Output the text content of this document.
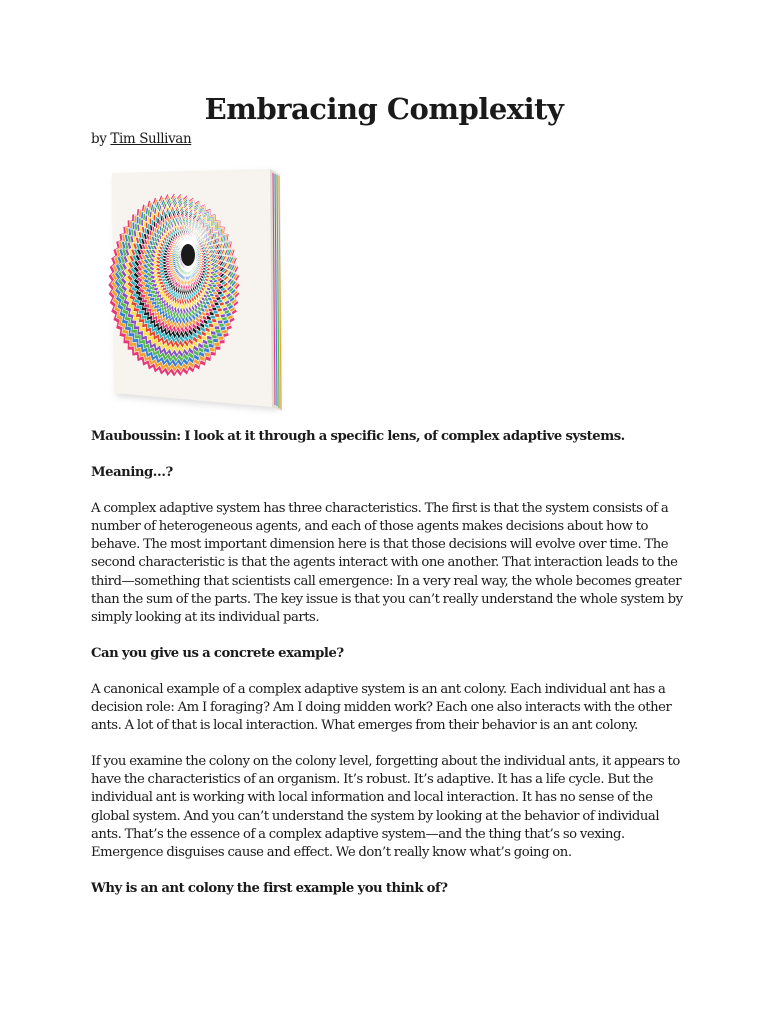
Embracing Complexity
by Tim Sullivan

Mauboussin: I look at it through a specific lens, of complex adaptive systems.

Meaning…?

A complex adaptive system has three characteristics. The first is that the system consists of a number of heterogeneous agents, and each of those agents makes decisions about how to behave. The most important dimension here is that those decisions will evolve over time. The second characteristic is that the agents interact with one another. That interaction leads to the third—something that scientists call emergence: In a very real way, the whole becomes greater than the sum of the parts. The key issue is that you can’t really understand the whole system by simply looking at its individual parts.

Can you give us a concrete example?

A canonical example of a complex adaptive system is an ant colony. Each individual ant has a decision role: Am I foraging? Am I doing midden work? Each one also interacts with the other ants. A lot of that is local interaction. What emerges from their behavior is an ant colony.

If you examine the colony on the colony level, forgetting about the individual ants, it appears to have the characteristics of an organism. It’s robust. It’s adaptive. It has a life cycle. But the individual ant is working with local information and local interaction. It has no sense of the global system. And you can’t understand the system by looking at the behavior of individual ants. That’s the essence of a complex adaptive system—and the thing that’s so vexing. Emergence disguises cause and effect. We don’t really know what’s going on.

Why is an ant colony the first example you think of?
